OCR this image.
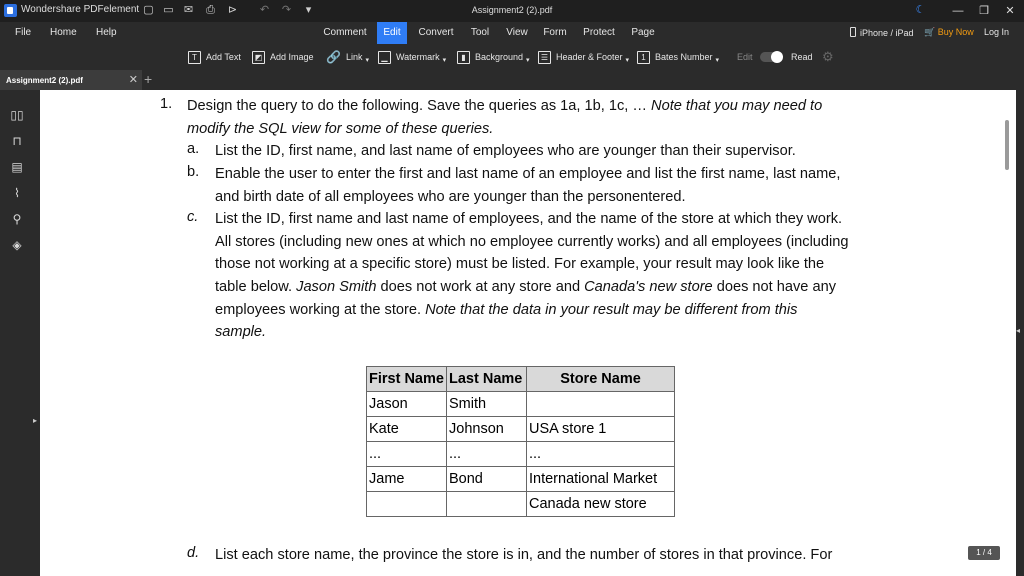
Wondershare PDFelement ▢ ▭ ✉ ⎙ ⊳ ↶ ↷	▾	Assignment2 (2).pdf	☾ — ❐	✕
File Home Help	Comment	Edit	Convert	Tool	View	Form	Protect	Page	iPhone / iPad 🛒 Buy Now Log In
T	Add Text	◩ Add Image 🔗 Link ▾	▁ Watermark ▾	▮	Background ▾	☰ Header & Footer ▾	1	Bates Number ▾ Edit	Read ⚙
Assignment2 (2).pdf	✕ +
▯▯
⊓
▤
⌇
⚲
◈
▸
1. Design the query to do the following. Save the queries as 1a, 1b, 1c, … Note that you may need to
modify the SQL view for some of these queries.
a. List the ID, first name, and last name of employees who are younger than their supervisor.
b. Enable the user to enter the first and last name of an employee and list the first name, last name,
and birth date of all employees who are younger than the personentered.
c. List the ID, first name and last name of employees, and the name of the store at which they work.
All stores (including new ones at which no employee currently works) and all employees (including
those not working at a specific store) must be listed. For example, your result may look like the
table below. Jason Smith does not work at any store and Canada's new store does not have any
employees working at the store. Note that the data in your result may be different from this
sample.
First Name	Last Name	Store Name
Jason	Smith	
Kate	Johnson	USA store 1
...	...	...
Jame	Bond	International Market
		Canada new store
d. List each store name, the province the store is in, and the number of stores in that province. For
◂
1 / 4
